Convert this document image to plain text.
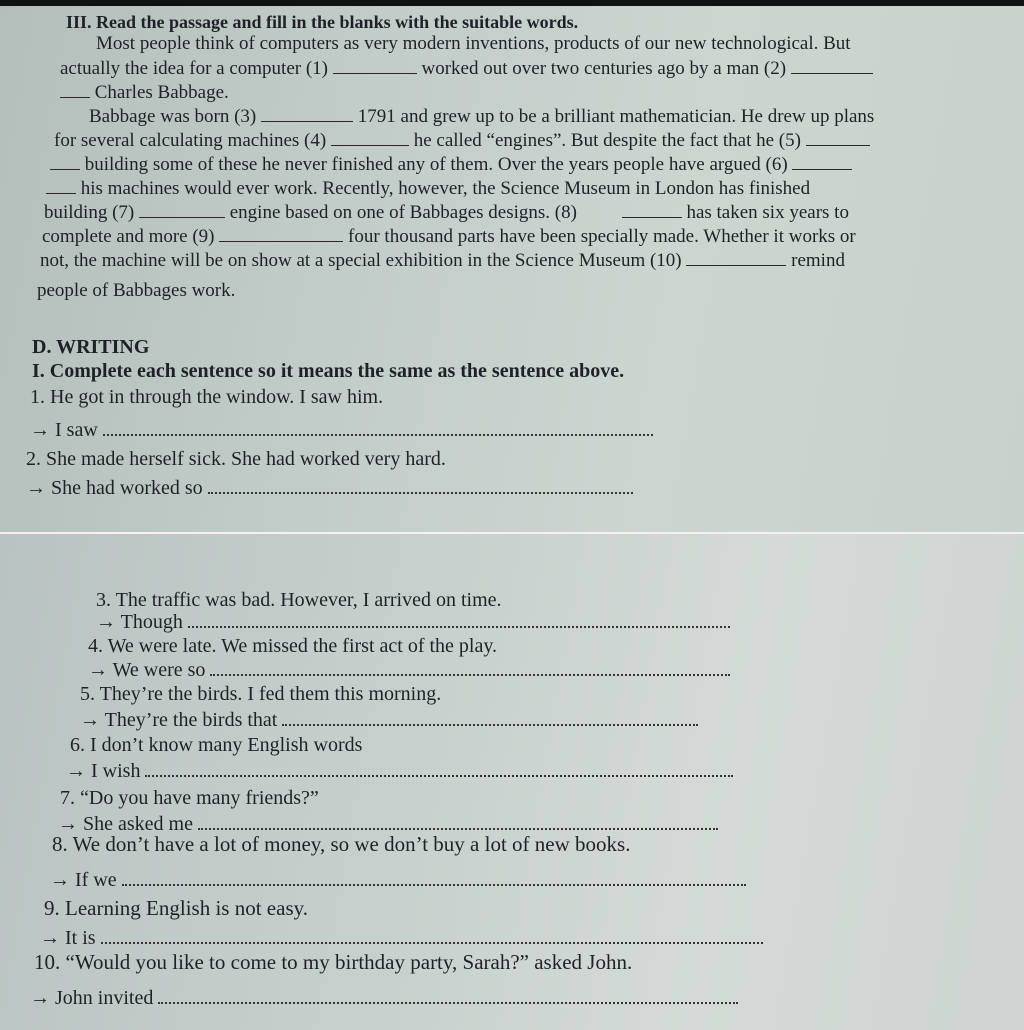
III. Read the passage and fill in the blanks with the suitable words.

Most people think of computers as very modern inventions, products of our new technological. But

actually the idea for a computer (1)	worked out over two centuries ago by a man (2)

Charles Babbage.

Babbage was born (3)	1791 and grew up to be a brilliant mathematician. He drew up plans

for several calculating machines (4)	he called “engines”. But despite the fact that he (5)

building some of these he never finished any of them. Over the years people have argued (6)

his machines would ever work. Recently, however, the Science Museum in London has finished

building (7)	engine based on one of Babbages designs. (8)	has taken six years to

complete and more (9)	four thousand parts have been specially made. Whether it works or

not, the machine will be on show at a special exhibition in the Science Museum (10)	remind

people of Babbages work.

D. WRITING

I. Complete each sentence so it means the same as the sentence above.

1. He got in through the window. I saw him.

→ I saw

2. She made herself sick. She had worked very hard.

→ She had worked so

3. The traffic was bad. However, I arrived on time.

→ Though

4. We were late. We missed the first act of the play.

→ We were so

5. They’re the birds. I fed them this morning.

→ They’re the birds that

6. I don’t know many English words

→ I wish

7. “Do you have many friends?”

→ She asked me

8. We don’t have a lot of money, so we don’t buy a lot of new books.

→ If we

9. Learning English is not easy.

→ It is

10. “Would you like to come to my birthday party, Sarah?” asked John.

→ John invited
